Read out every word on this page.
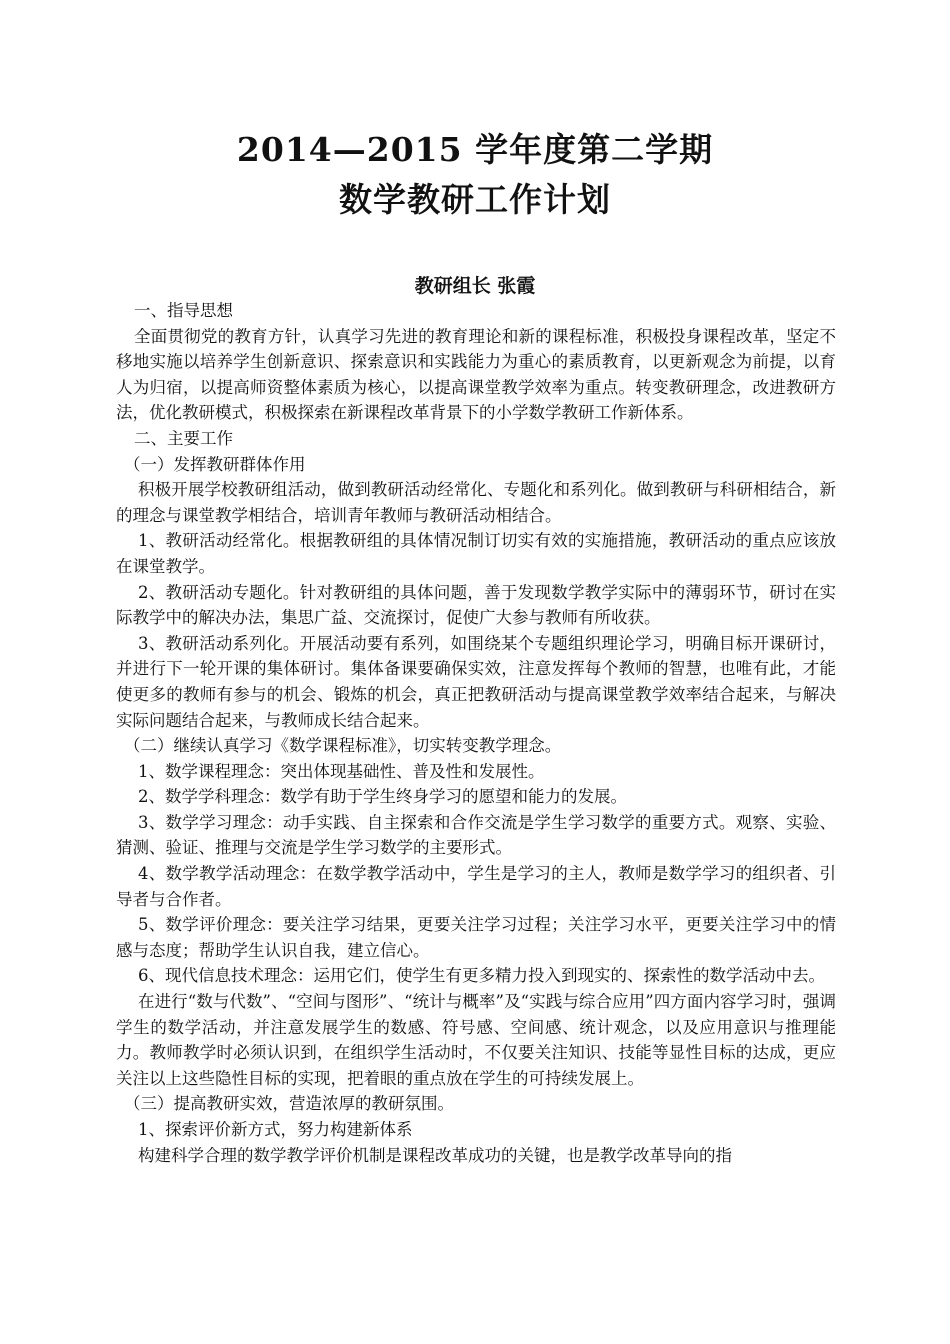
2014—2015 学年度第二学期
数学教研工作计划
教研组长 张霞

一、指导思想

全面贯彻党的教育方针，认真学习先进的教育理论和新的课程标准，积极投身课程改革，坚定不移地实施以培养学生创新意识、探索意识和实践能力为重心的素质教育，以更新观念为前提，以育人为归宿，以提高师资整体素质为核心，以提高课堂教学效率为重点。转变教研理念，改进教研方法，优化教研模式，积极探索在新课程改革背景下的小学数学教研工作新体系。

二、主要工作

（一）发挥教研群体作用

积极开展学校教研组活动，做到教研活动经常化、专题化和系列化。做到教研与科研相结合，新的理念与课堂教学相结合，培训青年教师与教研活动相结合。

1、教研活动经常化。根据教研组的具体情况制订切实有效的实施措施，教研活动的重点应该放在课堂教学。

2、教研活动专题化。针对教研组的具体问题，善于发现数学教学实际中的薄弱环节，研讨在实际教学中的解决办法，集思广益、交流探讨，促使广大参与教师有所收获。

3、教研活动系列化。开展活动要有系列，如围绕某个专题组织理论学习，明确目标开课研讨，并进行下一轮开课的集体研讨。集体备课要确保实效，注意发挥每个教师的智慧，也唯有此，才能使更多的教师有参与的机会、锻炼的机会，真正把教研活动与提高课堂教学效率结合起来，与解决实际问题结合起来，与教师成长结合起来。

（二）继续认真学习《数学课程标准》，切实转变教学理念。

1、数学课程理念：突出体现基础性、普及性和发展性。

2、数学学科理念：数学有助于学生终身学习的愿望和能力的发展。

3、数学学习理念：动手实践、自主探索和合作交流是学生学习数学的重要方式。观察、实验、猜测、验证、推理与交流是学生学习数学的主要形式。

4、数学教学活动理念：在数学教学活动中，学生是学习的主人，教师是数学学习的组织者、引导者与合作者。

5、数学评价理念：要关注学习结果，更要关注学习过程；关注学习水平，更要关注学习中的情感与态度；帮助学生认识自我，建立信心。

6、现代信息技术理念：运用它们，使学生有更多精力投入到现实的、探索性的数学活动中去。

在进行“数与代数”、“空间与图形”、“统计与概率”及“实践与综合应用”四方面内容学习时，强调学生的数学活动，并注意发展学生的数感、符号感、空间感、统计观念，以及应用意识与推理能力。教师教学时必须认识到，在组织学生活动时，不仅要关注知识、技能等显性目标的达成，更应关注以上这些隐性目标的实现，把着眼的重点放在学生的可持续发展上。

（三）提高教研实效，营造浓厚的教研氛围。

1、探索评价新方式，努力构建新体系

构建科学合理的数学教学评价机制是课程改革成功的关键，也是教学改革导向的指
